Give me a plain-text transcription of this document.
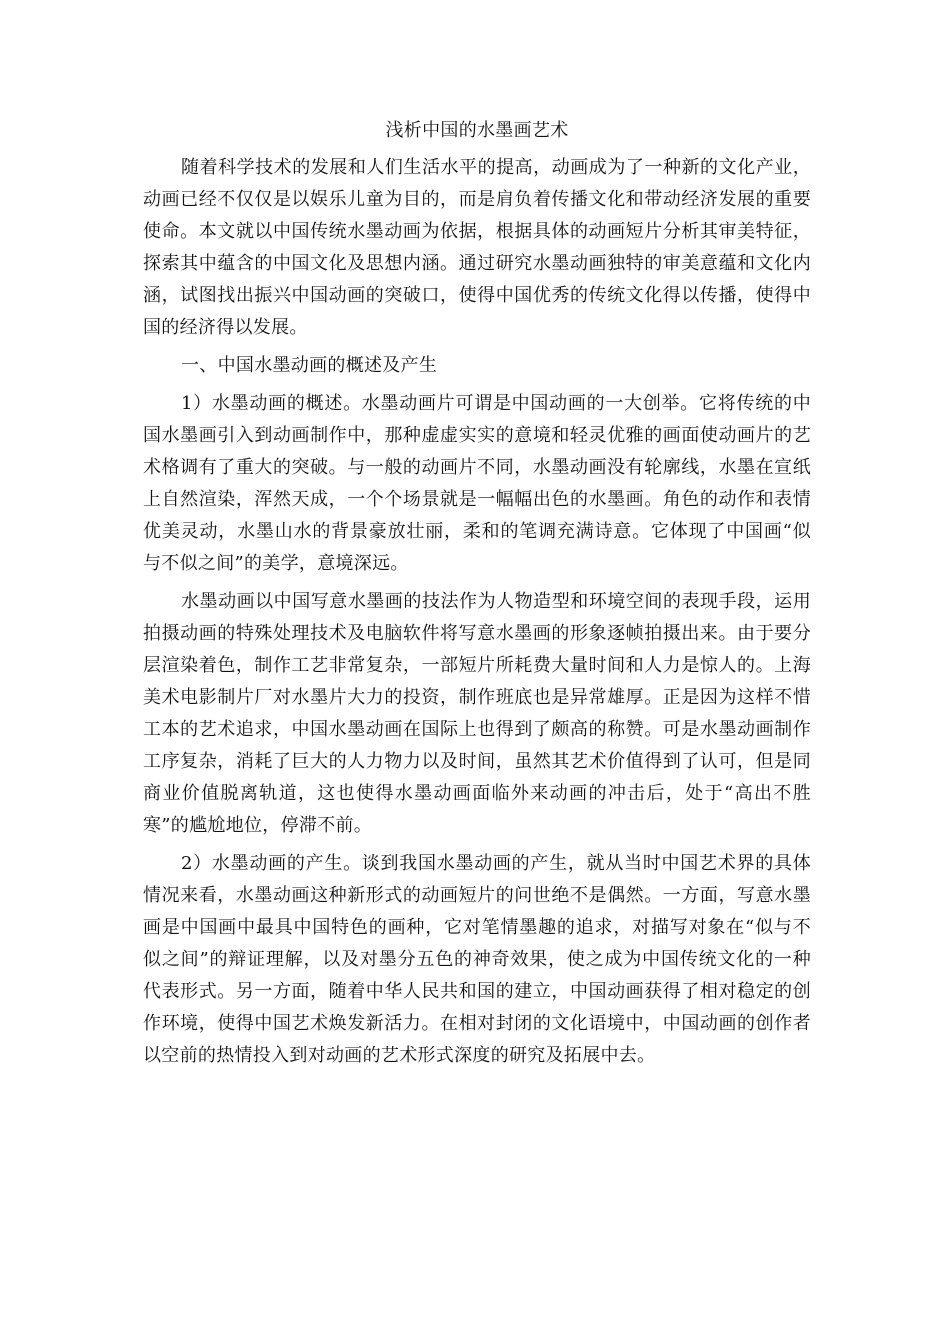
浅析中国的水墨画艺术

随着科学技术的发展和人们生活水平的提高，动画成为了一种新的文化产业，动画已经不仅仅是以娱乐儿童为目的，而是肩负着传播文化和带动经济发展的重要使命。本文就以中国传统水墨动画为依据，根据具体的动画短片分析其审美特征，探索其中蕴含的中国文化及思想内涵。通过研究水墨动画独特的审美意蕴和文化内涵，试图找出振兴中国动画的突破口，使得中国优秀的传统文化得以传播，使得中国的经济得以发展。

一、中国水墨动画的概述及产生

1）水墨动画的概述。水墨动画片可谓是中国动画的一大创举。它将传统的中国水墨画引入到动画制作中，那种虚虚实实的意境和轻灵优雅的画面使动画片的艺术格调有了重大的突破。与一般的动画片不同，水墨动画没有轮廓线，水墨在宣纸上自然渲染，浑然天成，一个个场景就是一幅幅出色的水墨画。角色的动作和表情优美灵动，水墨山水的背景豪放壮丽，柔和的笔调充满诗意。它体现了中国画“似与不似之间”的美学，意境深远。

水墨动画以中国写意水墨画的技法作为人物造型和环境空间的表现手段，运用拍摄动画的特殊处理技术及电脑软件将写意水墨画的形象逐帧拍摄出来。由于要分层渲染着色，制作工艺非常复杂，一部短片所耗费大量时间和人力是惊人的。上海美术电影制片厂对水墨片大力的投资，制作班底也是异常雄厚。正是因为这样不惜工本的艺术追求，中国水墨动画在国际上也得到了颇高的称赞。可是水墨动画制作工序复杂，消耗了巨大的人力物力以及时间，虽然其艺术价值得到了认可，但是同商业价值脱离轨道，这也使得水墨动画面临外来动画的冲击后，处于“高出不胜寒”的尴尬地位，停滞不前。

2）水墨动画的产生。谈到我国水墨动画的产生，就从当时中国艺术界的具体情况来看，水墨动画这种新形式的动画短片的问世绝不是偶然。一方面，写意水墨画是中国画中最具中国特色的画种，它对笔情墨趣的追求，对描写对象在“似与不似之间”的辩证理解，以及对墨分五色的神奇效果，使之成为中国传统文化的一种代表形式。另一方面，随着中华人民共和国的建立，中国动画获得了相对稳定的创作环境，使得中国艺术焕发新活力。在相对封闭的文化语境中，中国动画的创作者以空前的热情投入到对动画的艺术形式深度的研究及拓展中去。
